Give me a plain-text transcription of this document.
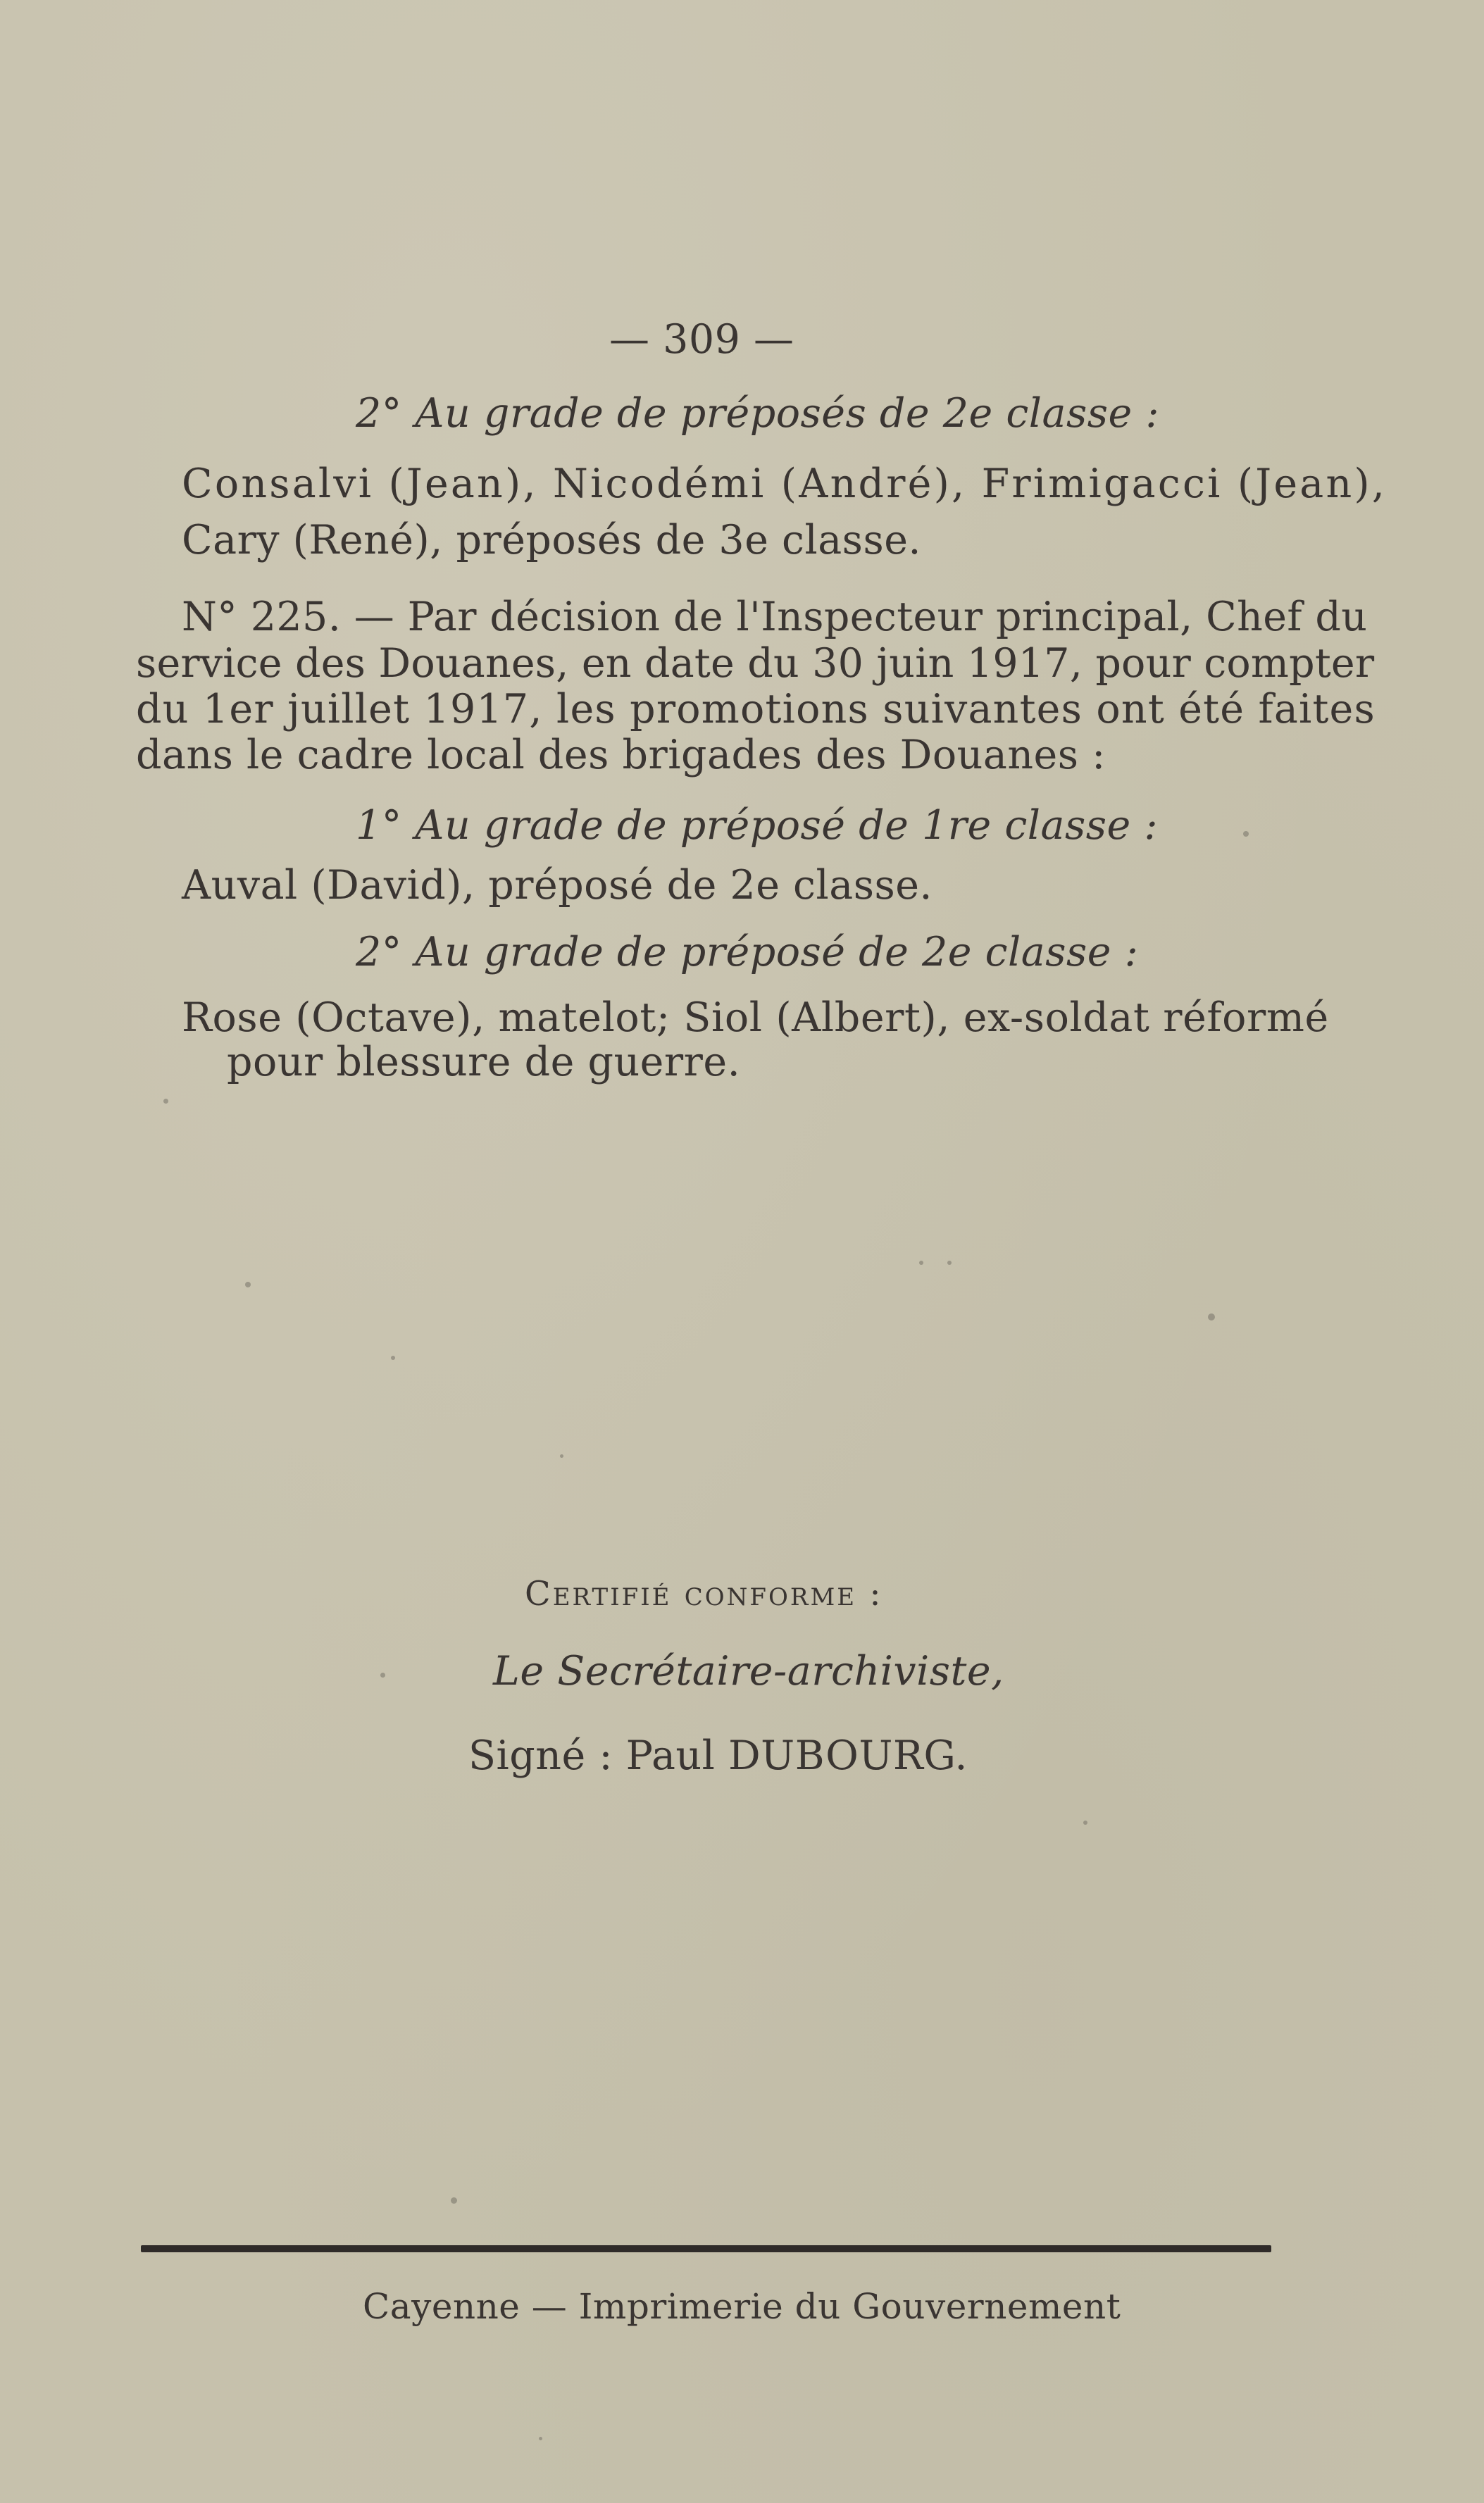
— 309 —
2° Au grade de préposés de 2e classe :
Consalvi (Jean), Nicodémi (André), Frimigacci (Jean),
Cary (René), préposés de 3e classe.
N° 225. — Par décision de l'Inspecteur principal, Chef du
service des Douanes, en date du 30 juin 1917, pour compter
du 1er juillet 1917, les promotions suivantes ont été faites
dans le cadre local des brigades des Douanes :
1° Au grade de préposé de 1re classe :
Auval (David), préposé de 2e classe.
2° Au grade de préposé de 2e classe :
Rose (Octave), matelot; Siol (Albert), ex-soldat réformé
pour blessure de guerre.
Certifié conforme :
Le Secrétaire-archiviste,
Signé : Paul DUBOURG.
Cayenne — Imprimerie du Gouvernement
